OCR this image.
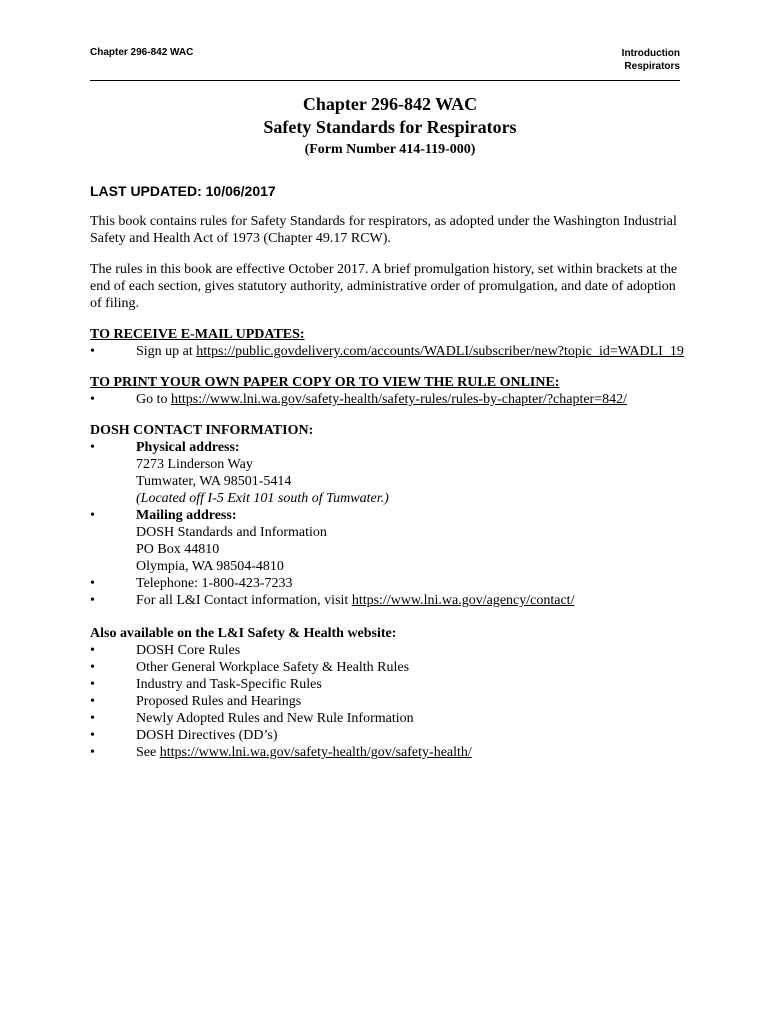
Chapter 296-842 WAC	Introduction
Respirators
Chapter 296-842 WAC
Safety Standards for Respirators
(Form Number 414-119-000)
LAST UPDATED: 10/06/2017

This book contains rules for Safety Standards for respirators, as adopted under the Washington Industrial Safety and Health Act of 1973 (Chapter 49.17 RCW).

The rules in this book are effective October 2017. A brief promulgation history, set within brackets at the end of each section, gives statutory authority, administrative order of promulgation, and date of adoption of filing.

TO RECEIVE E-MAIL UPDATES:
•	Sign up at https://public.govdelivery.com/accounts/WADLI/subscriber/new?topic_id=WADLI_19
TO PRINT YOUR OWN PAPER COPY OR TO VIEW THE RULE ONLINE:
•	Go to https://www.lni.wa.gov/safety-health/safety-rules/rules-by-chapter/?chapter=842/
DOSH CONTACT INFORMATION:
•	Physical address:
7273 Linderson Way
Tumwater, WA 98501-5414
(Located off I-5 Exit 101 south of Tumwater.)
•	Mailing address:
DOSH Standards and Information
PO Box 44810
Olympia, WA 98504-4810
•	Telephone: 1-800-423-7233
•	For all L&I Contact information, visit https://www.lni.wa.gov/agency/contact/
Also available on the L&I Safety & Health website:
•	DOSH Core Rules
•	Other General Workplace Safety & Health Rules
•	Industry and Task-Specific Rules
•	Proposed Rules and Hearings
•	Newly Adopted Rules and New Rule Information
•	DOSH Directives (DD’s)
•	See https://www.lni.wa.gov/safety-health/gov/safety-health/
